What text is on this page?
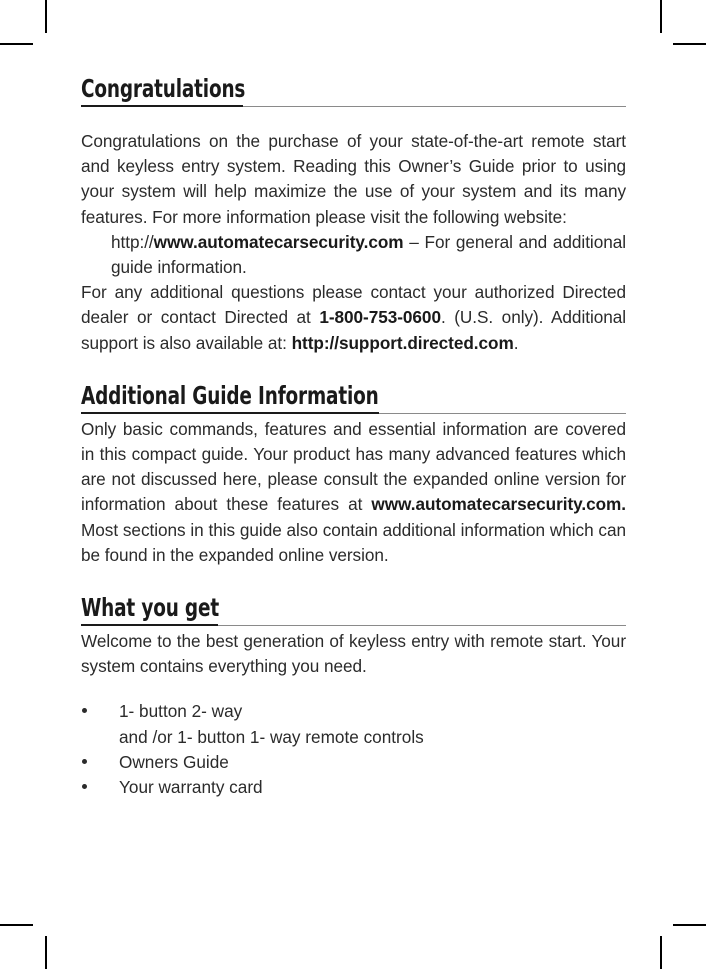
Congratulations

Congratulations on the purchase of your state-of-the-art remote start and keyless entry system. Reading this Owner’s Guide prior to using your system will help maximize the use of your system and its many features. For more information please visit the following website:

http://www.automatecarsecurity.com – For general and additional guide information.

For any additional questions please contact your authorized Directed dealer or contact Directed at 1-800-753-0600. (U.S. only). Additional support is also available at: http://support.directed.com.

Additional Guide Information

Only basic commands, features and essential information are covered in this compact guide. Your product has many advanced features which are not discussed here, please consult the expanded online version for information about these features at www.automatecarsecurity.com. Most sections in this guide also contain additional information which can be found in the expanded online version.

What you get

Welcome to the best generation of keyless entry with remote start. Your system contains everything you need.

1- button 2- way
and /or 1- button 1- way remote controls
Owners Guide
Your warranty card
